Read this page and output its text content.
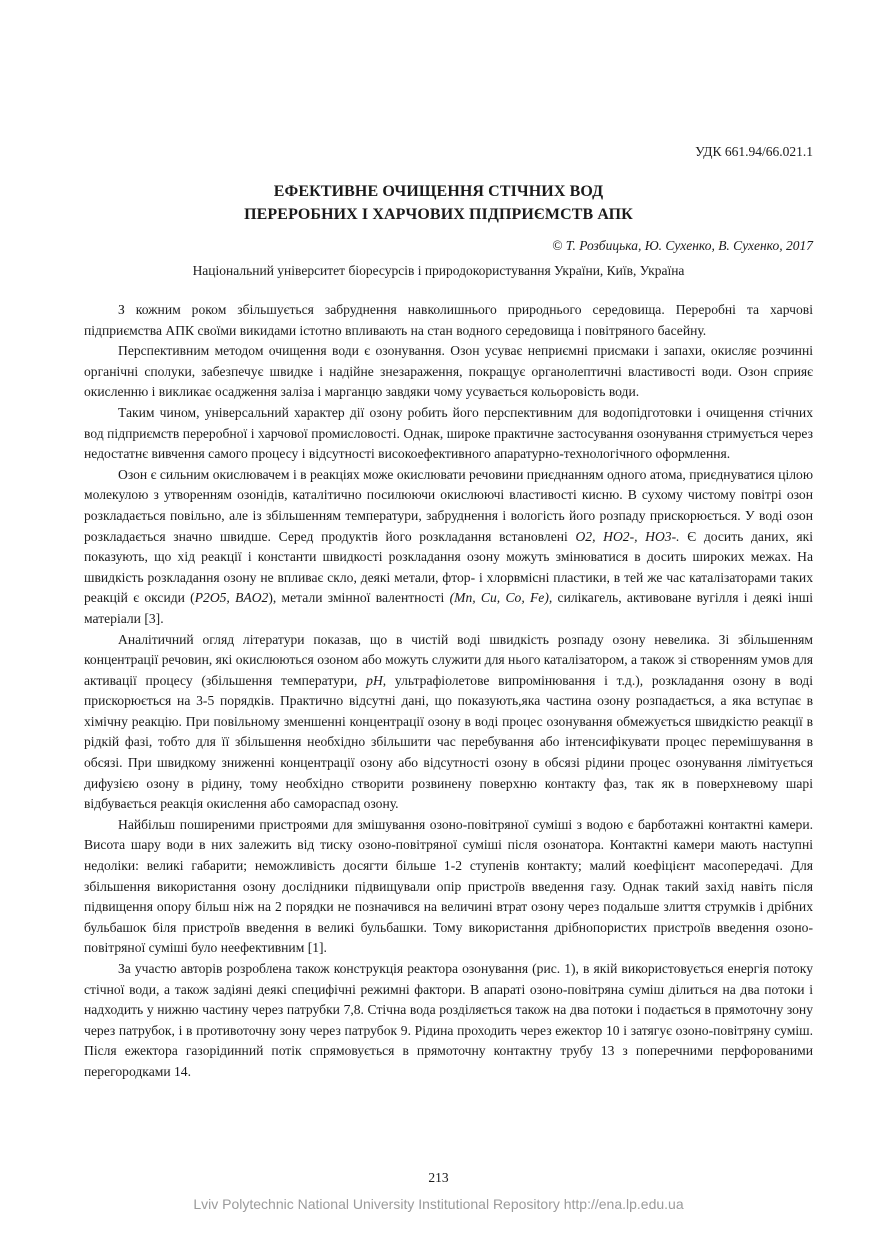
УДК 661.94/66.021.1
ЕФЕКТИВНЕ ОЧИЩЕННЯ СТІЧНИХ ВОД
ПЕРЕРОБНИХ І ХАРЧОВИХ ПІДПРИЄМСТВ АПК
© Т. Розбицька, Ю. Сухенко, В. Сухенко, 2017
Національний університет біоресурсів і природокористування України, Київ, Україна

З кожним роком збільшується забруднення навколишнього природнього середовища. Переробні та харчові підприємства АПК своїми викидами істотно впливають на стан водного середовища і повітряного басейну.

Перспективним методом очищення води є озонування. Озон усуває неприємні присмаки і запахи, окисляє розчинні органічні сполуки, забезпечує швидке і надійне знезараження, покращує органолептичні властивості води. Озон сприяє окисленню і викликає осадження заліза і марганцю завдяки чому усувається кольоровість води.

Таким чином, універсальний характер дії озону робить його перспективним для водопідготовки і очищення стічних вод підприємств переробної і харчової промисловості. Однак, широке практичне застосування озонування стримується через недостатнє вивчення самого процесу і відсутності високоефективного апаратурно-технологічного оформлення.

Озон є сильним окислювачем і в реакціях може окислювати речовини приєднанням одного атома, приєднуватися цілою молекулою з утворенням озонідів, каталітично посилюючи окислюючі властивості кисню. В сухому чистому повітрі озон розкладається повільно, але із збільшенням температури, забруднення і вологість його розпаду прискорюється. У воді озон розкладається значно швидше. Серед продуктів його розкладання встановлені O2, HO2-, HO3-. Є досить даних, які показують, що хід реакції і константи швидкості розкладання озону можуть змінюватися в досить широких межах. На швидкість розкладання озону не впливає скло, деякі метали, фтор- і хлорвмісні пластики, в тей же час каталізаторами таких реакцій є оксиди (P2O5, BAO2), метали змінної валентності (Mn, Cu, Co, Fe), силікагель, активоване вугілля і деякі інші матеріали [3].

Аналітичний огляд літератури показав, що в чистій воді швидкість розпаду озону невелика. Зі збільшенням концентрації речовин, які окислюються озоном або можуть служити для нього каталізатором, а також зі створенням умов для активації процесу (збільшення температури, pH, ультрафіолетове випромінювання і т.д.), розкладання озону в воді прискорюється на 3-5 порядків. Практично відсутні дані, що показують,яка частина озону розпадається, а яка вступає в хімічну реакцію. При повільному зменшенні концентрації озону в воді процес озонування обмежується швидкістю реакції в рідкій фазі, тобто для її збільшення необхідно збільшити час перебування або інтенсифікувати процес перемішування в обсязі. При швидкому зниженні концентрації озону або відсутності озону в обсязі рідини процес озонування лімітується дифузією озону в рідину, тому необхідно створити розвинену поверхню контакту фаз, так як в поверхневому шарі відбувається реакція окислення або самораспад озону.

Найбільш поширеними пристроями для змішування озоно-повітряної суміші з водою є барботажні контактні камери. Висота шару води в них залежить від тиску озоно-повітряної суміші після озонатора. Контактні камери мають наступні недоліки: великі габарити; неможливість досягти більше 1-2 ступенів контакту; малий коефіцієнт масопередачі. Для збільшення використання озону дослідники підвищували опір пристроїв введення газу. Однак такий захід навіть після підвищення опору більш ніж на 2 порядки не позначився на величині втрат озону через подальше злиття струмків і дрібних бульбашок біля пристроїв введення в великі бульбашки. Тому використання дрібнопористих пристроїв введення озоно-повітряної суміші було неефективним [1].

За участю авторів розроблена також конструкція реактора озонування (рис. 1), в якій використовується енергія потоку стічної води, а також задіяні деякі специфічні режимні фактори. В апараті озоно-повітряна суміш ділиться на два потоки і надходить у нижню частину через патрубки 7,8. Стічна вода розділяється також на два потоки і подається в прямоточну зону через патрубок, і в противоточну зону через патрубок 9. Рідина проходить через ежектор 10 і затягує озоно-повітряну суміш. Після ежектора газорідинний потік спрямовується в прямоточну контактну трубу 13 з поперечними перфорованими перегородками 14.

213
Lviv Polytechnic National University Institutional Repository http://ena.lp.edu.ua
